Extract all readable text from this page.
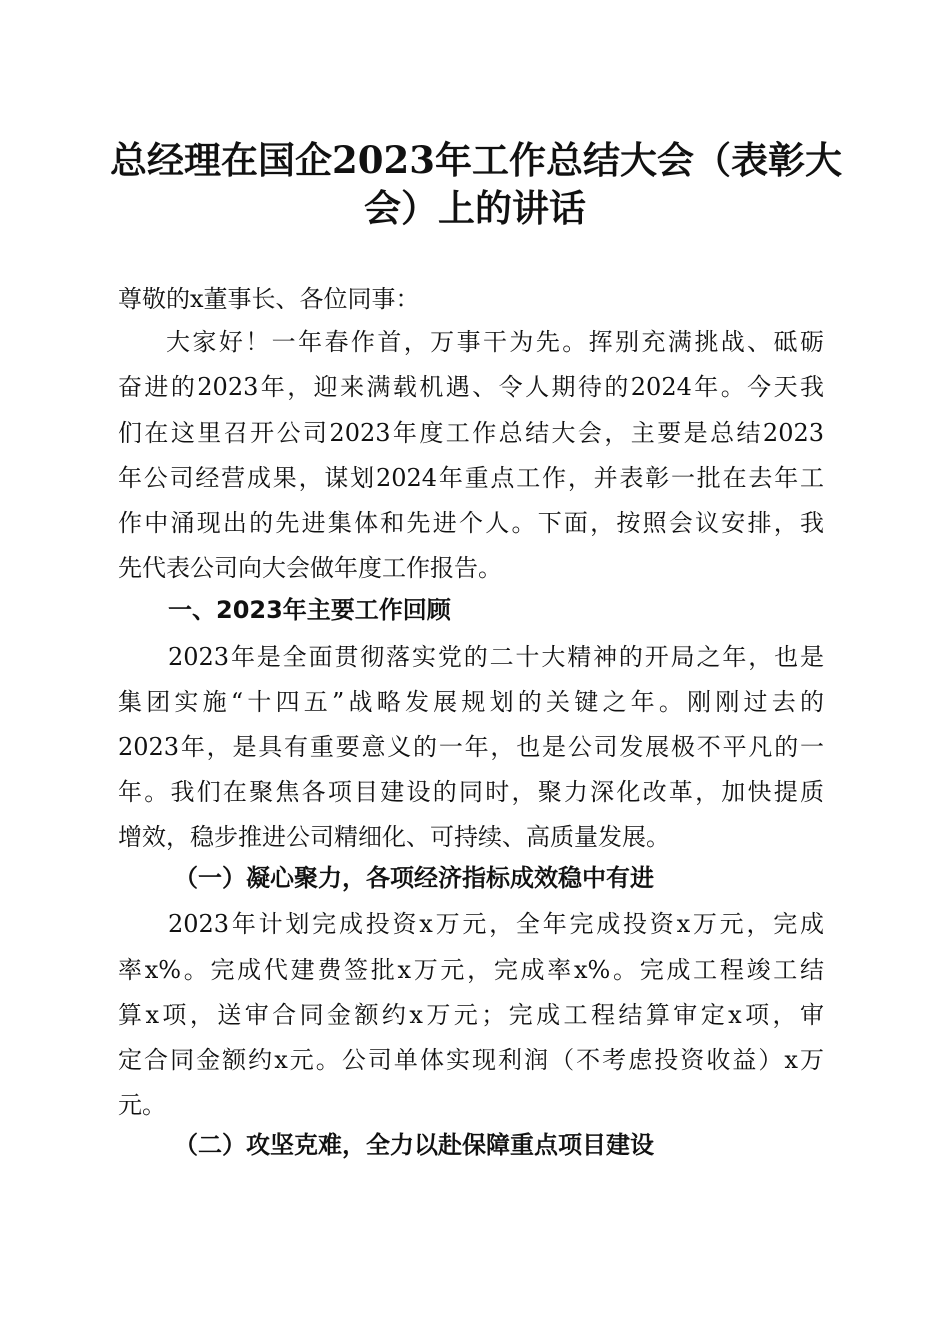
总经理在国企2023年工作总结大会（表彰大
会）上的讲话
尊敬的x董事长、各位同事：
大家好！一年春作首，万事干为先。挥别充满挑战、砥砺
奋进的2023年，迎来满载机遇、令人期待的2024年。今天我
们在这里召开公司2023年度工作总结大会，主要是总结2023
年公司经营成果，谋划2024年重点工作，并表彰一批在去年工
作中涌现出的先进集体和先进个人。下面，按照会议安排，我
先代表公司向大会做年度工作报告。
一、2023年主要工作回顾
2023年是全面贯彻落实党的二十大精神的开局之年，也是
集团实施“十四五”战略发展规划的关键之年。刚刚过去的
2023年，是具有重要意义的一年，也是公司发展极不平凡的一
年。我们在聚焦各项目建设的同时，聚力深化改革，加快提质
增效，稳步推进公司精细化、可持续、高质量发展。
（一）凝心聚力，各项经济指标成效稳中有进
2023年计划完成投资x万元，全年完成投资x万元，完成
率x%。完成代建费签批x万元，完成率x%。完成工程竣工结
算x项，送审合同金额约x万元；完成工程结算审定x项，审
定合同金额约x元。公司单体实现利润（不考虑投资收益）x万
元。
（二）攻坚克难，全力以赴保障重点项目建设
